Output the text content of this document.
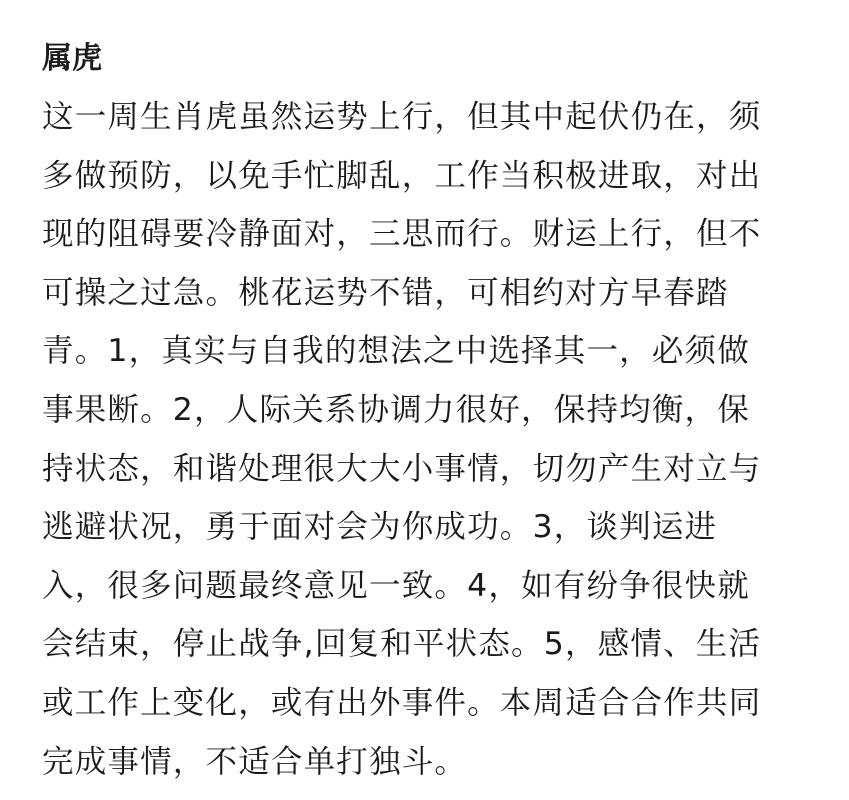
属虎
这一周生肖虎虽然运势上行，但其中起伏仍在，须
多做预防，以免手忙脚乱，工作当积极进取，对出
现的阻碍要冷静面对，三思而行。财运上行，但不
可操之过急。桃花运势不错，可相约对方早春踏
青。1，真实与自我的想法之中选择其一，必须做
事果断。2，人际关系协调力很好，保持均衡，保
持状态，和谐处理很大大小事情，切勿产生对立与
逃避状况，勇于面对会为你成功。3，谈判运进
入，很多问题最终意见一致。4，如有纷争很快就
会结束，停止战争,回复和平状态。5，感情、生活
或工作上变化，或有出外事件。本周适合合作共同
完成事情，不适合单打独斗。
